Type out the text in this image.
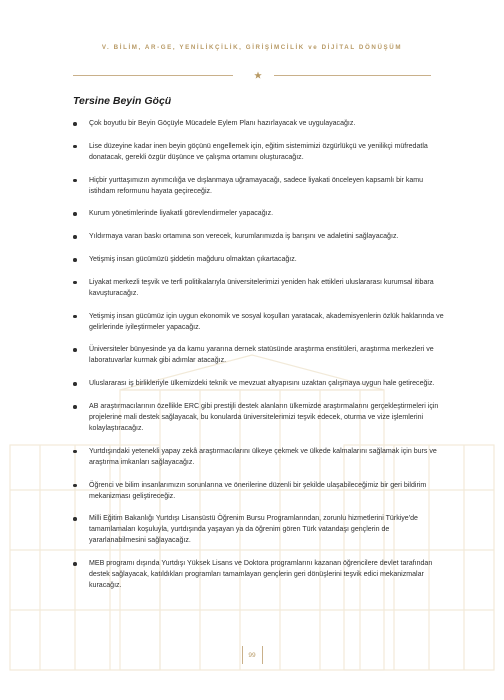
V. BİLİM, AR-GE, YENİLİKÇİLİK, GİRİŞİMCİLİK ve DİJİTAL DÖNÜŞÜM
Tersine Beyin Göçü
Çok boyutlu bir Beyin Göçüyle Mücadele Eylem Planı hazırlayacak ve uygulayacağız.
Lise düzeyine kadar inen beyin göçünü engellemek için, eğitim sistemimizi özgürlükçü ve yenilikçi müfredatla donatacak, gerekli özgür düşünce ve çalışma ortamını oluşturacağız.
Hiçbir yurttaşımızın ayrımcılığa ve dışlanmaya uğramayacağı, sadece liyakati önceleyen kapsamlı bir kamu istihdam reformunu hayata geçireceğiz.
Kurum yönetimlerinde liyakatli görevlendirmeler yapacağız.
Yıldırmaya varan baskı ortamına son verecek, kurumlarımızda iş barışını ve adaletini sağlayacağız.
Yetişmiş insan gücümüzü şiddetin mağduru olmaktan çıkartacağız.
Liyakat merkezli teşvik ve terfi politikalarıyla üniversitelerimizi yeniden hak ettikleri uluslararası kurumsal itibara kavuşturacağız.
Yetişmiş insan gücümüz için uygun ekonomik ve sosyal koşulları yaratacak, akademisyenlerin özlük haklarında ve gelirlerinde iyileştirmeler yapacağız.
Üniversiteler bünyesinde ya da kamu yararına dernek statüsünde araştırma enstitüleri, araştırma merkezleri ve laboratuvarlar kurmak gibi adımlar atacağız.
Uluslararası iş birlikleriyle ülkemizdeki teknik ve mevzuat altyapısını uzaktan çalışmaya uygun hale getireceğiz.
AB araştırmacılarının özellikle ERC gibi prestijli destek alanların ülkemizde araştırmalarını gerçekleştirmeleri için projelerine mali destek sağlayacak, bu konularda üniversitelerimizi teşvik edecek, oturma ve vize işlemlerini kolaylaştıracağız.
Yurtdışındaki yetenekli yapay zekâ araştırmacılarını ülkeye çekmek ve ülkede kalmalarını sağlamak için burs ve araştırma imkanları sağlayacağız.
Öğrenci ve bilim insanlarımızın sorunlarına ve önerilerine düzenli bir şekilde ulaşabileceğimiz bir geri bildirim mekanizması geliştireceğiz.
Milli Eğitim Bakanlığı Yurtdışı Lisansüstü Öğrenim Bursu Programlarından, zorunlu hizmetlerini Türkiye'de tamamlamaları koşuluyla, yurtdışında yaşayan ya da öğrenim gören Türk vatandaşı gençlerin de yararlanabilmesini sağlayacağız.
MEB programı dışında Yurtdışı Yüksek Lisans ve Doktora programlarını kazanan öğrencilere devlet tarafından destek sağlayacak, katıldıkları programları tamamlayan gençlerin geri dönüşlerini teşvik edici mekanizmalar kuracağız.
99
